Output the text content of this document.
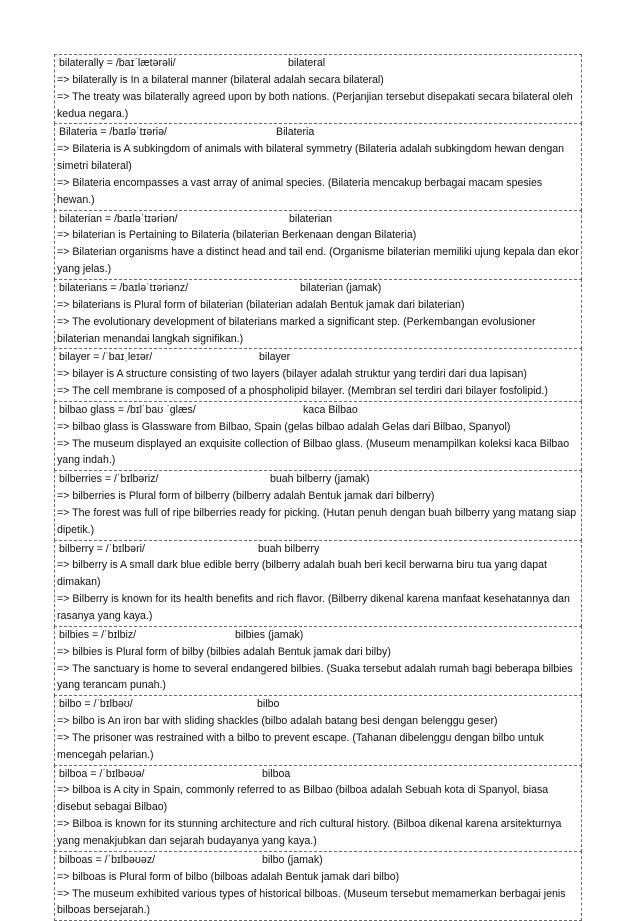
bilaterally = /baɪˈlætərəli/	bilateral
=> bilaterally is In a bilateral manner (bilateral adalah secara bilateral)
=> The treaty was bilaterally agreed upon by both nations. (Perjanjian tersebut disepakati secara bilateral oleh kedua negara.)
Bilateria = /baɪləˈtɪəriə/	Bilateria
=> Bilateria is A subkingdom of animals with bilateral symmetry (Bilateria adalah subkingdom hewan dengan simetri bilateral)
=> Bilateria encompasses a vast array of animal species. (Bilateria mencakup berbagai macam spesies hewan.)
bilaterian = /baɪləˈtɪəriən/	bilaterian
=> bilaterian is Pertaining to Bilateria (bilaterian Berkenaan dengan Bilateria)
=> Bilaterian organisms have a distinct head and tail end. (Organisme bilaterian memiliki ujung kepala dan ekor yang jelas.)
bilaterians = /baɪləˈtɪəriənz/	bilaterian (jamak)
=> bilaterians is Plural form of bilaterian (bilaterian adalah Bentuk jamak dari bilaterian)
=> The evolutionary development of bilaterians marked a significant step. (Perkembangan evolusioner bilaterian menandai langkah signifikan.)
bilayer = /ˈbaɪˌleɪər/	bilayer
=> bilayer is A structure consisting of two layers (bilayer adalah struktur yang terdiri dari dua lapisan)
=> The cell membrane is composed of a phospholipid bilayer. (Membran sel terdiri dari bilayer fosfolipid.)
bilbao glass = /bɪlˈbaʊ ˈɡlæs/	kaca Bilbao
=> bilbao glass is Glassware from Bilbao, Spain (gelas bilbao adalah Gelas dari Bilbao, Spanyol)
=> The museum displayed an exquisite collection of Bilbao glass. (Museum menampilkan koleksi kaca Bilbao yang indah.)
bilberries = /ˈbɪlbəriz/	buah bilberry (jamak)
=> bilberries is Plural form of bilberry (bilberry adalah Bentuk jamak dari bilberry)
=> The forest was full of ripe bilberries ready for picking. (Hutan penuh dengan buah bilberry yang matang siap dipetik.)
bilberry = /ˈbɪlbəri/	buah bilberry
=> bilberry is A small dark blue edible berry (bilberry adalah buah beri kecil berwarna biru tua yang dapat dimakan)
=> Bilberry is known for its health benefits and rich flavor. (Bilberry dikenal karena manfaat kesehatannya dan rasanya yang kaya.)
bilbies = /ˈbɪlbiz/	bilbies (jamak)
=> bilbies is Plural form of bilby (bilbies adalah Bentuk jamak dari bilby)
=> The sanctuary is home to several endangered bilbies. (Suaka tersebut adalah rumah bagi beberapa bilbies yang terancam punah.)
bilbo = /ˈbɪlbəʊ/	bilbo
=> bilbo is An iron bar with sliding shackles (bilbo adalah batang besi dengan belenggu geser)
=> The prisoner was restrained with a bilbo to prevent escape. (Tahanan dibelenggu dengan bilbo untuk mencegah pelarian.)
bilboa = /ˈbɪlbəʊə/	bilboa
=> bilboa is A city in Spain, commonly referred to as Bilbao (bilboa adalah Sebuah kota di Spanyol, biasa disebut sebagai Bilbao)
=> Bilboa is known for its stunning architecture and rich cultural history. (Bilboa dikenal karena arsitekturnya yang menakjubkan dan sejarah budayanya yang kaya.)
bilboas = /ˈbɪlbəʊəz/	bilbo (jamak)
=> bilboas is Plural form of bilbo (bilboas adalah Bentuk jamak dari bilbo)
=> The museum exhibited various types of historical bilboas. (Museum tersebut memamerkan berbagai jenis bilboas bersejarah.)
